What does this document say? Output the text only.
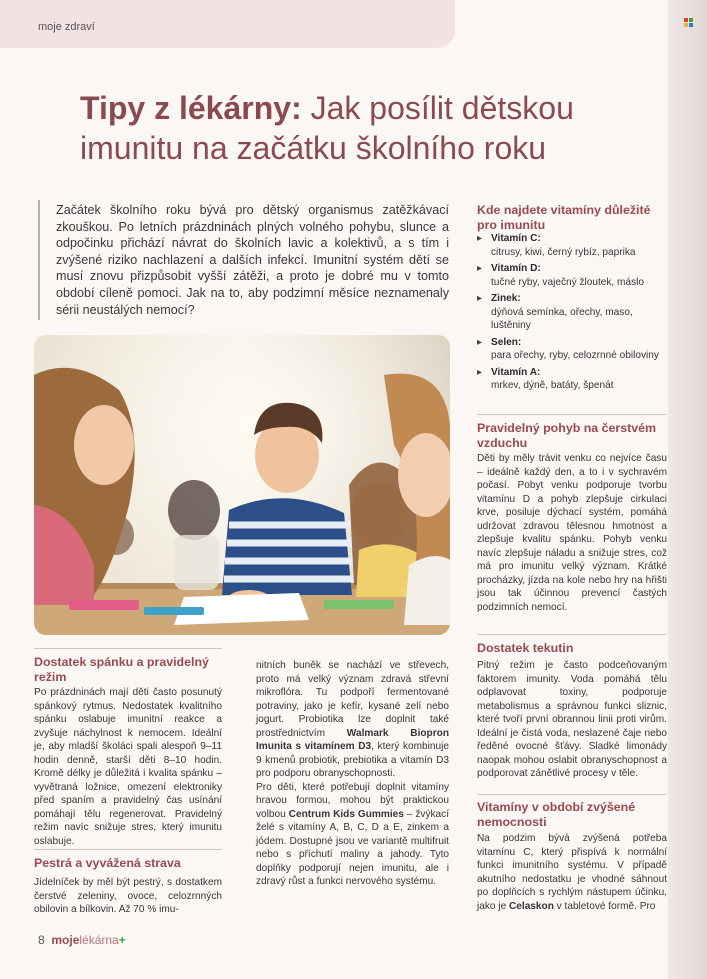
moje zdraví
Tipy z lékárny: Jak posílit dětskou imunitu na začátku školního roku
Začátek školního roku bývá pro dětský organismus zatěžkávací zkouškou. Po letních prázdninách plných volného pohybu, slunce a odpočinku přichází návrat do školních lavic a kolektivů, a s tím i zvýšené riziko nachlazení a dalších infekcí. Imunitní systém dětí se musí znovu přizpůsobit vyšší zátěži, a proto je dobré mu v tomto období cíleně pomoci. Jak na to, aby podzimní měsíce neznamenaly sérii neustálých nemocí?
Kde najdete vitamíny důležité pro imunitu
▸ Vitamín C:
citrusy, kiwi, černý rybíz, paprika
▸ Vitamín D:
tučné ryby, vaječný žloutek, máslo
▸ Zinek:
dýňová semínka, ořechy, maso, luštěniny
▸ Selen:
para ořechy, ryby, celozrnné obiloviny
▸ Vitamín A:
mrkev, dýně, batáty, špenát
Pravidelný pohyb na čerstvém vzduchu
Děti by měly trávit venku co nejvíce času – ideálně každý den, a to i v sychravém počasí. Pobyt venku podporuje tvorbu vitamínu D a pohyb zlepšuje cirkulaci krve, posiluje dýchací systém, pomáhá udržovat zdravou tělesnou hmotnost a zlepšuje kvalitu spánku. Pohyb venku navíc zlepšuje náladu a snižuje stres, což má pro imunitu velký význam. Krátké procházky, jízda na kole nebo hry na hřišti jsou tak účinnou prevencí častých podzimních nemocí.
Dostatek tekutin
Pitný režim je často podceňovaným faktorem imunity. Voda pomáhá tělu odplavovat toxiny, podporuje metabolismus a správnou funkci sliznic, které tvoří první obrannou linii proti virům. Ideální je čistá voda, neslazené čaje nebo ředěné ovocné šťávy. Sladké limonády naopak mohou oslabit obranyschopnost a podporovat zánětlivé procesy v těle.
Vitamíny v období zvýšené nemocnosti
Na podzim bývá zvýšená potřeba vitamínu C, který přispívá k normální funkci imunitního systému. V případě akutního nedostatku je vhodné sáhnout po doplňcích s rychlým nástupem účinku, jako je Celaskon v tabletové formě. Pro
Dostatek spánku a pravidelný režim
Po prázdninách mají děti často posunutý spánkový rytmus. Nedostatek kvalitního spánku oslabuje imunitní reakce a zvyšuje náchylnost k nemocem. Ideální je, aby mladší školáci spali alespoň 9–11 hodin denně, starší děti 8–10 hodin. Kromě délky je důležitá i kvalita spánku – vyvětraná ložnice, omezení elektroniky před spaním a pravidelný čas usínání pomáhají tělu regenerovat. Pravidelný režim navíc snižuje stres, který imunitu oslabuje.
Pestrá a vyvážená strava
Jídelníček by měl být pestrý, s dostatkem čerstvé zeleniny, ovoce, celozrnných obilovin a bílkovin. Až 70 % imu-
nitních buněk se nachází ve střevech, proto má velký význam zdravá střevní mikroflóra. Tu podpoří fermentované potraviny, jako je kefír, kysané zelí nebo jogurt. Probiotika lze doplnit také prostřednictvím Walmark Biopron Imunita s vitamínem D3, který kombinuje 9 kmenů probiotik, prebiotika a vitamín D3 pro podporu obranyschopnosti.
Pro děti, které potřebují doplnit vitamíny hravou formou, mohou být praktickou volbou Centrum Kids Gummies – žvýkací želé s vitamíny A, B, C, D a E, zinkem a jódem. Dostupné jsou ve variantě multifruit nebo s příchutí maliny a jahody. Tyto doplňky podporují nejen imunitu, ale i zdravý růst a funkci nervového systému.
8 mojelékárna+
